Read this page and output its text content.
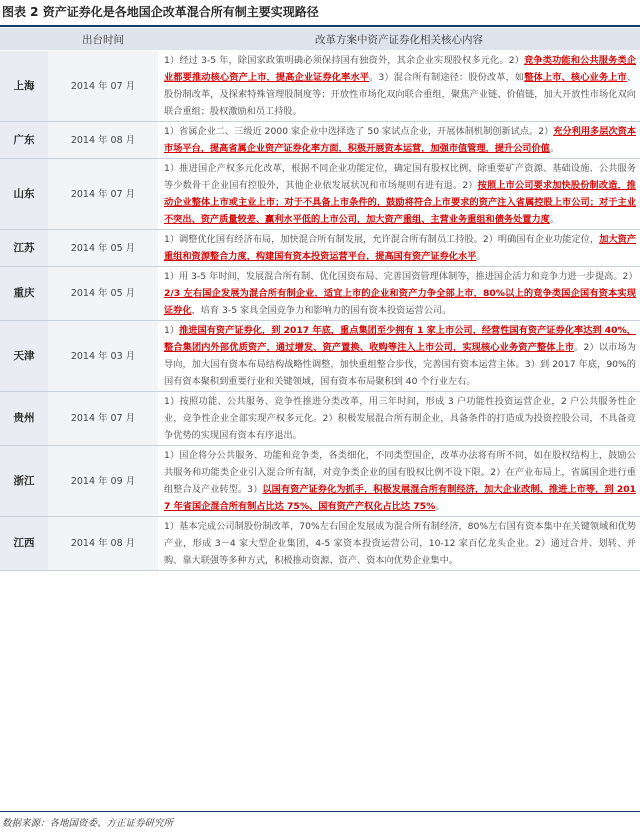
图表 2 资产证券化是各地国企改革混合所有制主要实现路径
	出台时间	改革方案中资产证券化相关核心内容
上海	2014 年 07 月	1）经过 3-5 年，除国家政策明确必须保持国有独资外，其余企业实现股权多元化。2）竞争类功能和公共服务类企业都要推动核心资产上市，提高企业证券化率水平。3）混合所有制途径：股份改革，如整体上市、核心业务上市、股份制改革，及探索特殊管理股制度等；开放性市场化双向联合重组，聚焦产业链、价值链，加大开放性市场化双向联合重组；股权激励和员工持股。
广东	2014 年 08 月	1）省属企业二、三级近 2000 家企业中选择选了 50 家试点企业，开展体制机制创新试点。2）充分利用多层次资本市场平台，提高省属企业资产证券化率方面，积极开展资本运营，加强市值管理，提升公司价值。
山东	2014 年 07 月	1）推进国企产权多元化改革，根据不同企业功能定位，确定国有股权比例，除重要矿产资源、基础设施、公共服务等少数骨干企业国有控股外，其他企业依发展状况和市场规则有进有退。2）按照上市公司要求加快股份制改造，推动企业整体上市或主业上市；对于不具备上市条件的，鼓励将符合上市要求的资产注入省属控股上市公司；对于主业不突出、资产质量较差、赢利水平低的上市公司，加大资产重组、主营业务重组和债务处置力度。
江苏	2014 年 05 月	1）调整优化国有经济布局，加快混合所有制发展，允许混合所有制员工持股。2）明确国有企业功能定位，加大资产重组和资源整合力度，构建国有资本投资运营平台，提高国有资产证券化水平。
重庆	2014 年 05 月	1）用 3-5 年时间，发展混合所有制、优化国资布局、完善国资管理体制等，推进国企活力和竞争力进一步提高。2）2/3 左右国企发展为混合所有制企业，适宜上市的企业和资产力争全部上市，80%以上的竞争类国企国有资本实现证券化，培育 3-5 家具全国竞争力和影响力的国有资本投资运营公司。
天津	2014 年 03 月	1）推进国有资产证券化，到 2017 年底，重点集团至少拥有 1 家上市公司，经营性国有资产证券化率达到 40%，整合集团内外部优质资产，通过增发、资产置换、收购等注入上市公司，实现核心业务资产整体上市。2）以市场为导向，加大国有资本布局结构战略性调整，加快重组整合步伐，完善国有资本运营主体。3）到 2017 年底，90%的国有资本聚积到重要行业和关键领域，国有资本布局聚积到 40 个行业左右。
贵州	2014 年 07 月	1）按照功能、公共服务、竞争性推进分类改革，用三年时间，形成 3 户功能性投资运营企业，2 户公共服务性企业，竞争性企业全部实现产权多元化。2）积极发展混合所有制企业，具备条件的打造成为投资控股公司，不具备竞争优势的实现国有资本有序退出。
浙江	2014 年 09 月	1）国企将分公共服务、功能和竞争类，各类细化，不同类型国企，改革办法将有所不同，如在股权结构上，鼓励公共服务和功能类企业引入混合所有制，对竞争类企业的国有股权比例不设下限。2）在产业布局上，省属国企进行重组整合及产业转型。3）以国有资产证券化为抓手，积极发展混合所有制经济，加大企业改制、推进上市等，到 2017 年省国企混合所有制占比达 75%、国有资产产权化占比达 75%。
江西	2014 年 08 月	1）基本完成公司制股份制改革，70%左右国企发展成为混合所有制经济，80%左右国有资本集中在关键领域和优势产业，形成 3－4 家大型企业集团，4-5 家资本投资运营公司，10-12 家百亿龙头企业。2）通过合并、划转、并购、靠大联强等多种方式，积极推动资源、资产、资本向优势企业集中。
数据来源：各地国资委、方正证券研究所
